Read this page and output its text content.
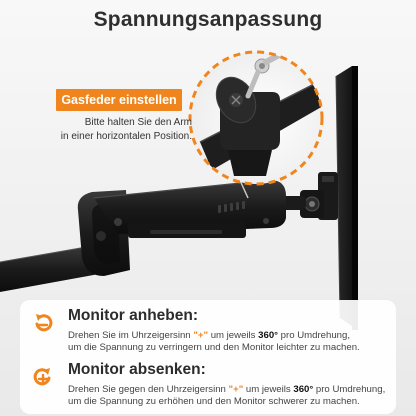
Spannungsanpassung
Gasfeder einstellen
Bitte halten Sie den Arm
in einer horizontalen Position.
Monitor anheben:
Drehen Sie im Uhrzeigersinn "+" um jeweils 360° pro Umdrehung,
um die Spannung zu verringern und den Monitor leichter zu machen.
Monitor absenken:
Drehen Sie gegen den Uhrzeigersinn "+" um jeweils 360° pro Umdrehung,
um die Spannung zu erhöhen und den Monitor schwerer zu machen.
